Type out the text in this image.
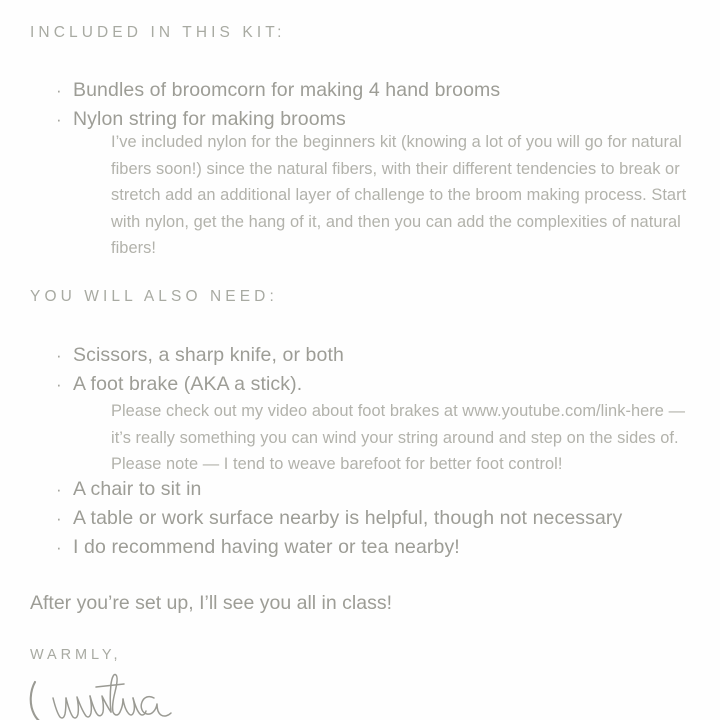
INCLUDED IN THIS KIT:
· Bundles of broomcorn for making 4 hand brooms
· Nylon string for making brooms

I’ve included nylon for the beginners kit (knowing a lot of you will go for natural fibers soon!) since the natural fibers, with their different tendencies to break or stretch add an additional layer of challenge to the broom making process. Start with nylon, get the hang of it, and then you can add the complexities of natural fibers!

YOU WILL ALSO NEED:
· Scissors, a sharp knife, or both
· A foot brake (AKA a stick).

Please check out my video about foot brakes at www.youtube.com/link-here — it’s really something you can wind your string around and step on the sides of. Please note — I tend to weave barefoot for better foot control!

· A chair to sit in
· A table or work surface nearby is helpful, though not necessary
· I do recommend having water or tea nearby!
After you’re set up, I’ll see you all in class!
WARMLY,
